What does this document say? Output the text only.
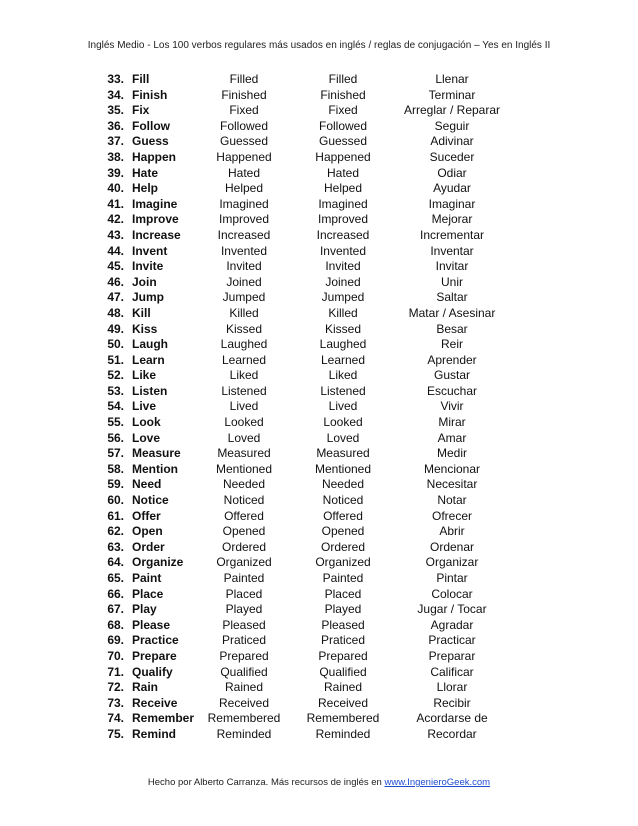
Inglés Medio - Los 100 verbos regulares más usados en inglés / reglas de conjugación – Yes en Inglés II
33. Fill	Filled	Filled	Llenar
34. Finish	Finished	Finished	Terminar
35. Fix	Fixed	Fixed	Arreglar / Reparar
36. Follow	Followed	Followed	Seguir
37. Guess	Guessed	Guessed	Adivinar
38. Happen	Happened	Happened	Suceder
39. Hate	Hated	Hated	Odiar
40. Help	Helped	Helped	Ayudar
41. Imagine	Imagined	Imagined	Imaginar
42. Improve	Improved	Improved	Mejorar
43. Increase	Increased	Increased	Incrementar
44. Invent	Invented	Invented	Inventar
45. Invite	Invited	Invited	Invitar
46. Join	Joined	Joined	Unir
47. Jump	Jumped	Jumped	Saltar
48. Kill	Killed	Killed	Matar / Asesinar
49. Kiss	Kissed	Kissed	Besar
50. Laugh	Laughed	Laughed	Reir
51. Learn	Learned	Learned	Aprender
52. Like	Liked	Liked	Gustar
53. Listen	Listened	Listened	Escuchar
54. Live	Lived	Lived	Vivir
55. Look	Looked	Looked	Mirar
56. Love	Loved	Loved	Amar
57. Measure	Measured	Measured	Medir
58. Mention	Mentioned	Mentioned	Mencionar
59. Need	Needed	Needed	Necesitar
60. Notice	Noticed	Noticed	Notar
61. Offer	Offered	Offered	Ofrecer
62. Open	Opened	Opened	Abrir
63. Order	Ordered	Ordered	Ordenar
64. Organize	Organized	Organized	Organizar
65. Paint	Painted	Painted	Pintar
66. Place	Placed	Placed	Colocar
67. Play	Played	Played	Jugar / Tocar
68. Please	Pleased	Pleased	Agradar
69. Practice	Praticed	Praticed	Practicar
70. Prepare	Prepared	Prepared	Preparar
71. Qualify	Qualified	Qualified	Calificar
72. Rain	Rained	Rained	Llorar
73. Receive	Received	Received	Recibir
74. Remember	Remembered	Remembered	Acordarse de
75. Remind	Reminded	Reminded	Recordar
Hecho por Alberto Carranza. Más recursos de inglés en www.IngenieroGeek.com
